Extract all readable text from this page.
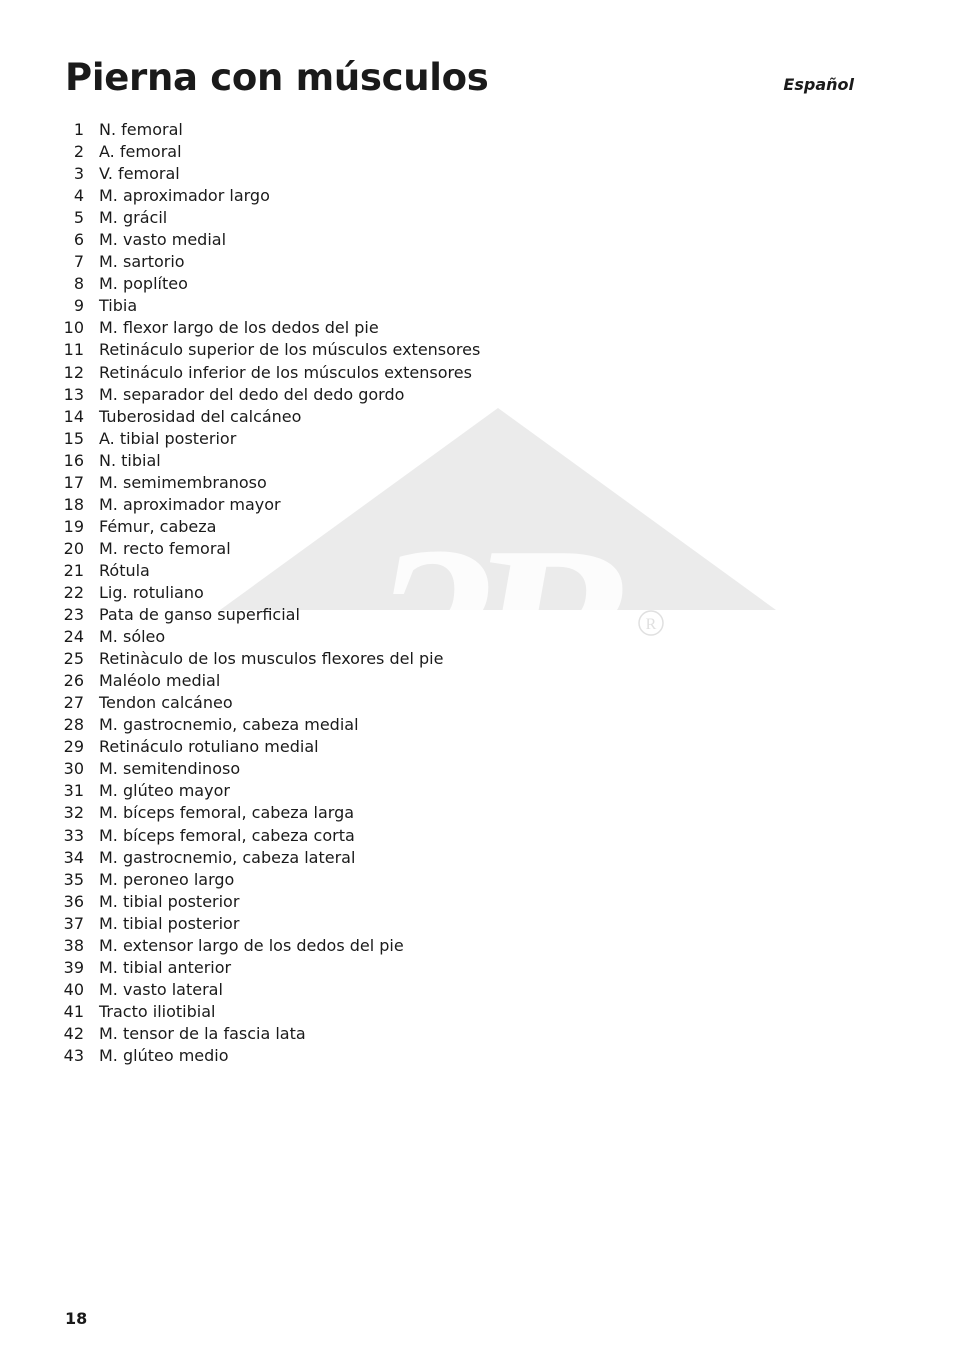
3B	R
Pierna con músculos	Español
1 N. femoral
2 A. femoral
3 V. femoral
4 M. aproximador largo
5 M. grácil
6 M. vasto medial
7 M. sartorio
8 M. poplíteo
9 Tibia
10 M. flexor largo de los dedos del pie
11 Retináculo superior de los músculos extensores
12 Retináculo inferior de los músculos extensores
13 M. separador del dedo del dedo gordo
14 Tuberosidad del calcáneo
15 A. tibial posterior
16 N. tibial
17 M. semimembranoso
18 M. aproximador mayor
19 Fémur, cabeza
20 M. recto femoral
21 Rótula
22 Lig. rotuliano
23 Pata de ganso superficial
24 M. sóleo
25 Retinàculo de los musculos flexores del pie
26 Maléolo medial
27 Tendon calcáneo
28 M. gastrocnemio, cabeza medial
29 Retináculo rotuliano medial
30 M. semitendinoso
31 M. glúteo mayor
32 M. bíceps femoral, cabeza larga
33 M. bíceps femoral, cabeza corta
34 M. gastrocnemio, cabeza lateral
35 M. peroneo largo
36 M. tibial posterior
37 M. tibial posterior
38 M. extensor largo de los dedos del pie
39 M. tibial anterior
40 M. vasto lateral
41 Tracto iliotibial
42 M. tensor de la fascia lata
43 M. glúteo medio
18
